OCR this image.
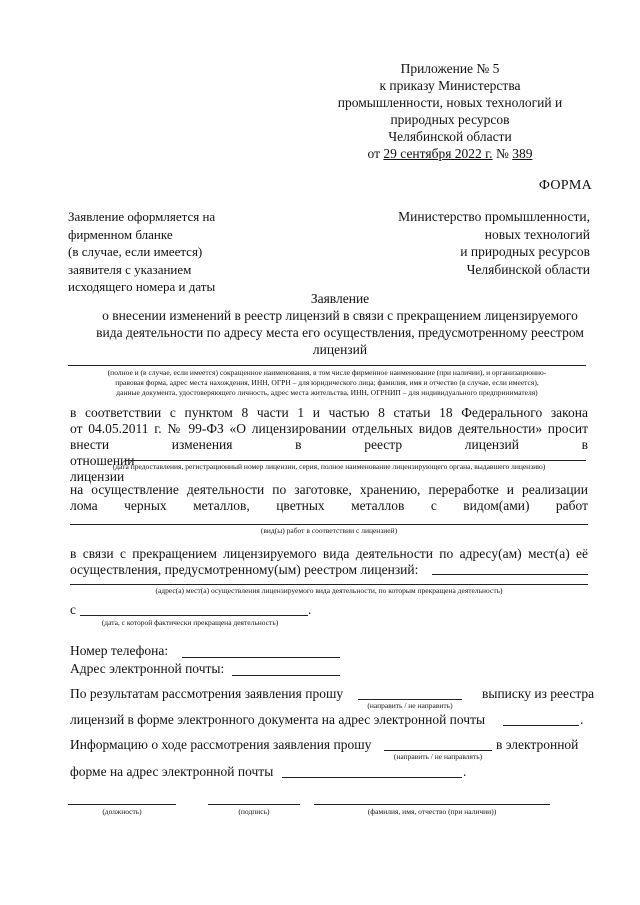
Приложение № 5
к приказу Министерства
промышленности, новых технологий и
природных ресурсов
Челябинской области
от 29 сентября 2022 г. № 389
ФОРМА
Заявление оформляется на
фирменном бланке
(в случае, если имеется)
заявителя с указанием
исходящего номера и даты
Министерство промышленности,
новых технологий
и природных ресурсов
Челябинской области
Заявление
о внесении изменений в реестр лицензий в связи с прекращением лицензируемого
вида деятельности по адресу места его осуществления, предусмотренному реестром
лицензий
(полное и (в случае, если имеется) сокращенное наименования, в том числе фирменное наименование (при наличии), и организационно-
правовая форма, адрес места нахождения, ИНН, ОГРН – для юридического лица; фамилия, имя и отчество (в случае, если имеется),
данные документа, удостоверяющего личность, адрес места жительства, ИНН, ОГРНИП – для индивидуального предпринимателя)
в соответствии с пунктом 8 части 1 и частью 8 статьи 18 Федерального закона
от 04.05.2011 г. № 99-ФЗ «О лицензировании отдельных видов деятельности» просит
внести изменения в реестр лицензий в отношении
лицензии
(дата предоставления, регистрационный номер лицензии, серия, полное наименование лицензирующего органа, выдавшего лицензию)
на осуществление деятельности по заготовке, хранению, переработке и реализации
лома черных металлов, цветных металлов с видом(ами) работ
(вид(ы) работ в соответствии с лицензией)
в связи с прекращением лицензируемого вида деятельности по адресу(ам) мест(а) её
осуществления, предусмотренному(ым) реестром лицензий:
(адрес(а) мест(а) осуществления лицензируемого вида деятельности, по которым прекращена деятельность)
с	.
(дата, с которой фактически прекращена деятельность)
Номер телефона:
Адрес электронной почты:
По результатам рассмотрения заявления прошу	выписку из реестра
(направить / не направить)
лицензий в форме электронного документа на адрес электронной почты	.
Информацию о ходе рассмотрения заявления прошу	в электронной
(направить / не направлять)
форме на адрес электронной почты	.
(должность)	(подпись)	(фамилия, имя, отчество (при наличии))
